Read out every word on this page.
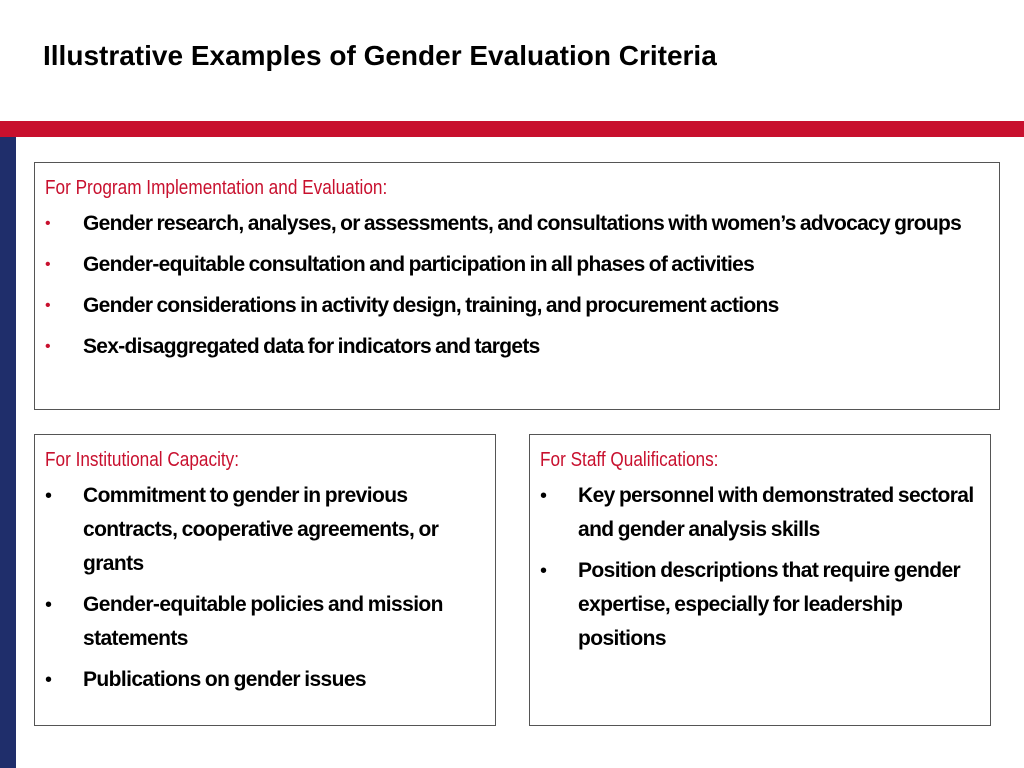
Illustrative Examples of Gender Evaluation Criteria
For Program Implementation and Evaluation:
•	Gender research, analyses, or assessments, and consultations with women’s advocacy groups
•	Gender-equitable consultation and participation in all phases of activities
•	Gender considerations in activity design, training, and procurement actions
•	Sex-disaggregated data for indicators and targets
For Institutional Capacity:
•	Commitment to gender in previous contracts, cooperative agreements, or grants
•	Gender-equitable policies and mission statements
•	Publications on gender issues
For Staff Qualifications:
•	Key personnel with demonstrated sectoral and gender analysis skills
•	Position descriptions that require gender expertise, especially for leadership positions
